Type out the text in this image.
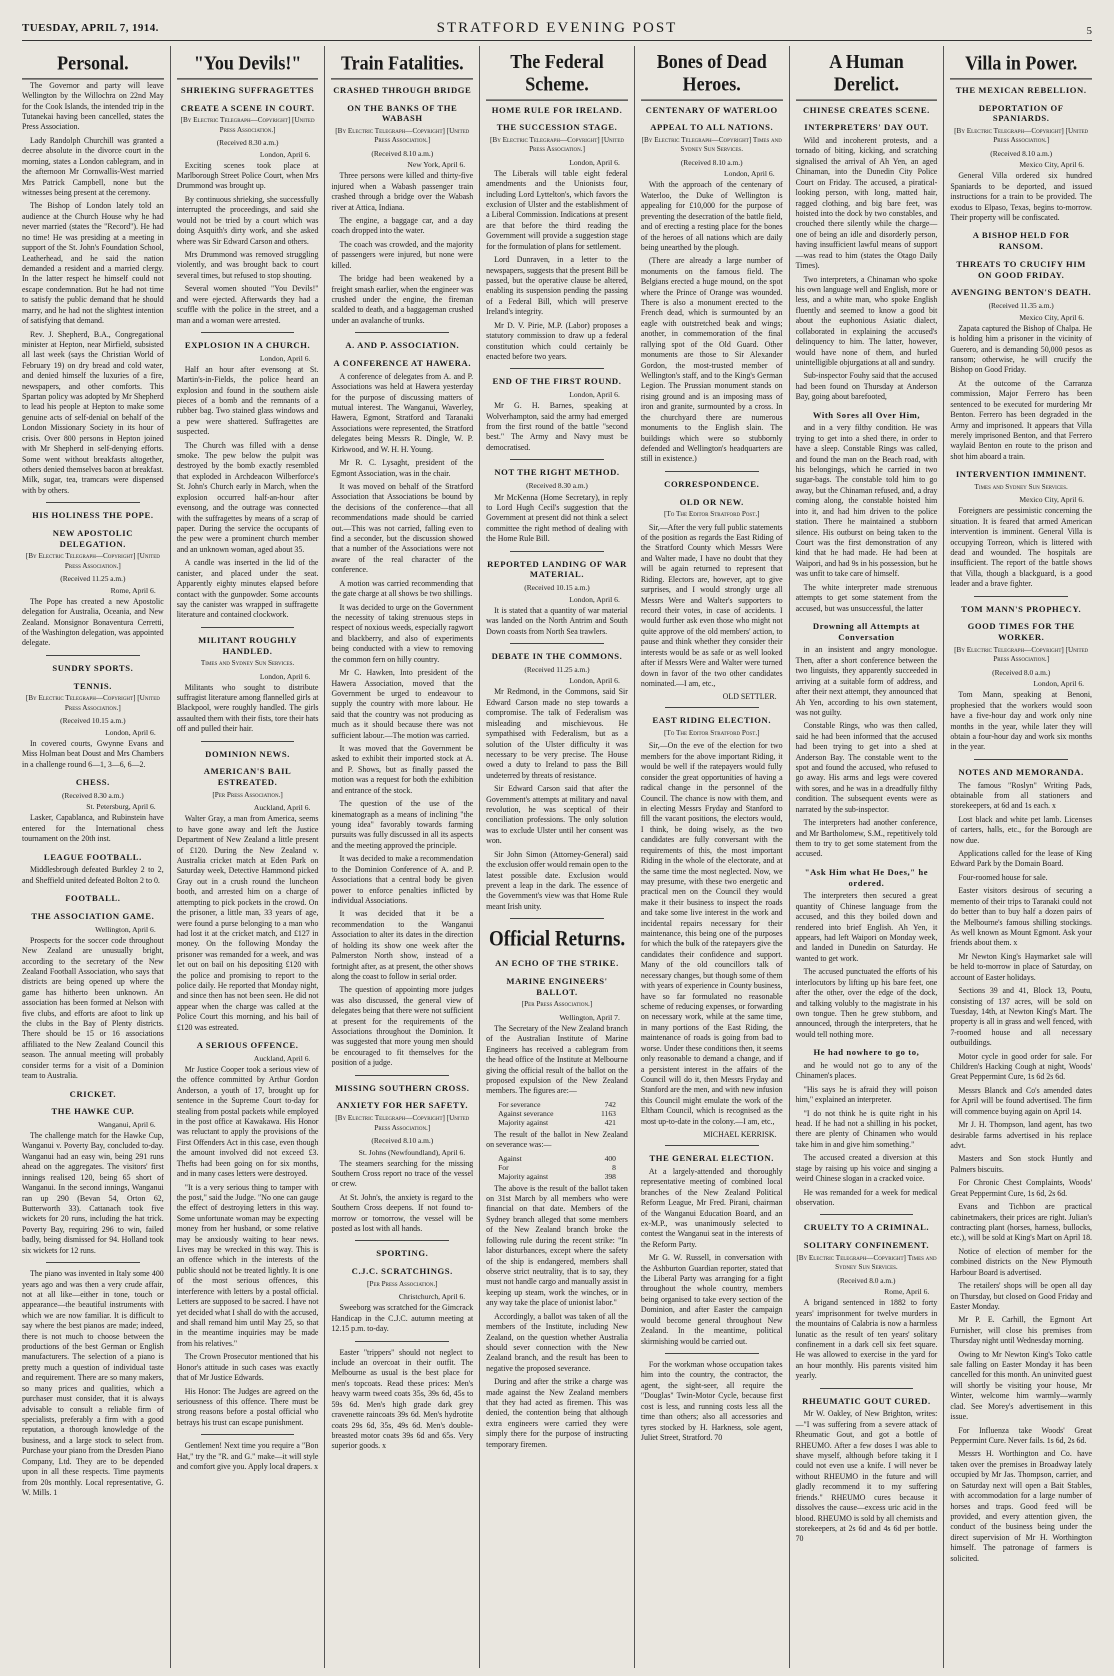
TUESDAY, APRIL 7, 1914.	STRATFORD EVENING POST	5
Personal.

The Governor and party will leave Wellington by the Willochra on 22nd May for the Cook Islands, the intended trip in the Tutanekai having been cancelled, states the Press Association.

Lady Randolph Churchill was granted a decree absolute in the divorce court in the morning, states a London cablegram, and in the afternoon Mr Cornwallis-West married Mrs Patrick Campbell, none but the witnesses being present at the ceremony.

The Bishop of London lately told an audience at the Church House why he had never married (states the "Record"). He had no time! He was presiding at a meeting in support of the St. John's Foundation School, Leatherhead, and he said the nation demanded a resident and a married clergy. In the latter respect he himself could not escape condemnation. But he had not time to satisfy the public demand that he should marry, and he had not the slightest intention of satisfying that demand.

Rev. J. Shepherd, B.A., Congregational minister at Hepton, near Mirfield, subsisted all last week (says the Christian World of February 19) on dry bread and cold water, and denied himself the luxuries of a fire, newspapers, and other comforts. This Spartan policy was adopted by Mr Shepherd to lead his people at Hepton to make some genuine acts of self-denial on behalf of the London Missionary Society in its hour of crisis. Over 800 persons in Hepton joined with Mr Shepherd in self-denying efforts. Some went without breakfasts altogether, others denied themselves bacon at breakfast. Milk, sugar, tea, tramcars were dispensed with by others.

HIS HOLINESS THE POPE.
NEW APOSTOLIC DELEGATION.
[By Electric Telegraph—Copyright] [United Press Association.]
(Received 11.25 a.m.)
Rome, April 6.

The Pope has created a new Apostolic delegation for Australia, Oceania, and New Zealand. Monsignor Bonaventura Cerretti, of the Washington delegation, was appointed delegate.

SUNDRY SPORTS.
TENNIS.
[By Electric Telegraph—Copyright] [United Press Association.]
(Received 10.15 a.m.)
London, April 6.

In covered courts, Gwynne Evans and Miss Holman beat Doust and Mrs Chambers in a challenge round 6—1, 3—6, 6—2.

CHESS.
(Received 8.30 a.m.)
St. Petersburg, April 6.

Lasker, Capablanca, and Rubinstein have entered for the International chess tournament on the 20th inst.

LEAGUE FOOTBALL.

Middlesbrough defeated Burkley 2 to 2, and Sheffield united defeated Bolton 2 to 0.

FOOTBALL.
THE ASSOCIATION GAME.
Wellington, April 6.

Prospects for the soccer code throughout New Zealand are unusually bright, according to the secretary of the New Zealand Football Association, who says that districts are being opened up where the game has hitherto been unknown. An association has been formed at Nelson with five clubs, and efforts are afoot to link up the clubs in the Bay of Plenty districts. There should be 15 or 16 associations affiliated to the New Zealand Council this season. The annual meeting will probably consider terms for a visit of a Dominion team to Australia.

CRICKET.
THE HAWKE CUP.
Wanganui, April 6.

The challenge match for the Hawke Cup, Wanganui v. Poverty Bay, concluded to-day. Wanganui had an easy win, being 291 runs ahead on the aggregates. The visitors' first innings realised 120, being 65 short of Wanganui. In the second innings, Wanganui ran up 290 (Bevan 54, Orton 62, Butterworth 33). Cattanach took five wickets for 20 runs, including the hat trick. Poverty Bay, requiring 296 to win, failed badly, being dismissed for 94. Holland took six wickets for 12 runs.

The piano was invented in Italy some 400 years ago and was then a very crude affair, not at all like—either in tone, touch or appearance—the beautiful instruments with which we are now familiar. It is difficult to say where the best pianos are made; indeed, there is not much to choose between the productions of the best German or English manufacturers. The selection of a piano is pretty much a question of individual taste and requirement. There are so many makers, so many prices and qualities, which a purchaser must consider, that it is always advisable to consult a reliable firm of specialists, preferably a firm with a good reputation, a thorough knowledge of the business, and a large stock to select from. Purchase your piano from the Dresden Piano Company, Ltd. They are to be depended upon in all these respects. Time payments from 20s monthly. Local representative, G. W. Mills. 1

"You Devils!"
SHRIEKING SUFFRAGETTES
CREATE A SCENE IN COURT.
[By Electric Telegraph—Copyright] [United Press Association.]
(Received 8.30 a.m.)
London, April 6.

Exciting scenes took place at Marlborough Street Police Court, when Mrs Drummond was brought up.

By continuous shrieking, she successfully interrupted the proceedings, and said she would not be tried by a court which was doing Asquith's dirty work, and she asked where was Sir Edward Carson and others.

Mrs Drummond was removed struggling violently, and was brought back to court several times, but refused to stop shouting.

Several women shouted "You Devils!" and were ejected. Afterwards they had a scuffle with the police in the street, and a man and a woman were arrested.

EXPLOSION IN A CHURCH.
London, April 6.

Half an hour after evensong at St. Martin's-in-Fields, the police heard an explosion and found in the southern aisle pieces of a bomb and the remnants of a rubber bag. Two stained glass windows and a pew were shattered. Suffragettes are suspected.

The Church was filled with a dense smoke. The pew below the pulpit was destroyed by the bomb exactly resembled that exploded in Archdeacon Wilberforce's St. John's Church early in March, when the explosion occurred half-an-hour after evensong, and the outrage was connected with the suffragettes by means of a scrap of paper. During the service the occupants of the pew were a prominent church member and an unknown woman, aged about 35.

A candle was inserted in the lid of the canister, and placed under the seat. Apparently eighty minutes elapsed before contact with the gunpowder. Some accounts say the canister was wrapped in suffragette literature and contained clockwork.

MILITANT ROUGHLY HANDLED.
Times and Sydney Sun Services.
London, April 6.

Militants who sought to distribute suffragist literature among flannelled girls at Blackpool, were roughly handled. The girls assaulted them with their fists, tore their hats off and pulled their hair.

DOMINION NEWS.
AMERICAN'S BAIL ESTREATED.
[Per Press Association.]
Auckland, April 6.

Walter Gray, a man from America, seems to have gone away and left the Justice Department of New Zealand a little present of £120. During the New Zealand v. Australia cricket match at Eden Park on Saturday week, Detective Hammond picked Gray out in a crush round the luncheon booth, and arrested him on a charge of attempting to pick pockets in the crowd. On the prisoner, a little man, 33 years of age, were found a purse belonging to a man who had lost it at the cricket match, and £127 in money. On the following Monday the prisoner was remanded for a week, and was let out on bail on his depositing £120 with the police and promising to report to the police daily. He reported that Monday night, and since then has not been seen. He did not appear when the charge was called at the Police Court this morning, and his bail of £120 was estreated.

A SERIOUS OFFENCE.
Auckland, April 6.

Mr Justice Cooper took a serious view of the offence committed by Arthur Gordon Anderson, a youth of 17, brought up for sentence in the Supreme Court to-day for stealing from postal packets while employed in the post office at Kawakawa. His Honor was reluctant to apply the provisions of the First Offenders Act in this case, even though the amount involved did not exceed £3. Thefts had been going on for six months, and in many cases letters were destroyed.

"It is a very serious thing to tamper with the post," said the Judge. "No one can gauge the effect of destroying letters in this way. Some unfortunate woman may be expecting money from her husband, or some relative may be anxiously waiting to hear news. Lives may be wrecked in this way. This is an offence which in the interests of the public should not be treated lightly. It is one of the most serious offences, this interference with letters by a postal official. Letters are supposed to be sacred. I have not yet decided what I shall do with the accused, and shall remand him until May 25, so that in the meantime inquiries may be made from his relatives."

The Crown Prosecutor mentioned that his Honor's attitude in such cases was exactly that of Mr Justice Edwards.

His Honor: The Judges are agreed on the seriousness of this offence. There must be strong reasons before a postal official who betrays his trust can escape punishment.

Gentlemen! Next time you require a "Bon Hat," try the "R. and G." make—it will style and comfort give you. Apply local drapers. x

Train Fatalities.
CRASHED THROUGH BRIDGE
ON THE BANKS OF THE WABASH
[By Electric Telegraph—Copyright] [United Press Association.]
(Received 8.10 a.m.)
New York, April 6.

Three persons were killed and thirty-five injured when a Wabash passenger train crashed through a bridge over the Wabash river at Attica, Indiana.

The engine, a baggage car, and a day coach dropped into the water.

The coach was crowded, and the majority of passengers were injured, but none were killed.

The bridge had been weakened by a freight smash earlier, when the engineer was crushed under the engine, the fireman scalded to death, and a baggageman crushed under an avalanche of trunks.

A. AND P. ASSOCIATION.
A CONFERENCE AT HAWERA.

A conference of delegates from A. and P. Associations was held at Hawera yesterday for the purpose of discussing matters of mutual interest. The Wanganui, Waverley, Hawera, Egmont, Stratford and Taranaki Associations were represented, the Stratford delegates being Messrs R. Dingle, W. P. Kirkwood, and W. H. H. Young.

Mr R. C. Lysaght, president of the Egmont Association, was in the chair.

It was moved on behalf of the Stratford Association that Associations be bound by the decisions of the conference—that all recommendations made should be carried out.—This was not carried, falling even to find a seconder, but the discussion showed that a number of the Associations were not aware of the real character of the conference.

A motion was carried recommending that the gate charge at all shows be two shillings.

It was decided to urge on the Government the necessity of taking strenuous steps in respect of noxious weeds, especially ragwort and blackberry, and also of experiments being conducted with a view to removing the common fern on hilly country.

Mr C. Hawken, Into president of the Hawera Association, moved that the Government be urged to endeavour to supply the country with more labour. He said that the country was not producing as much as it should because there was not sufficient labour.—The motion was carried.

It was moved that the Government be asked to exhibit their imported stock at A. and P. Shows, but as finally passed the motion was a request for both the exhibition and entrance of the stock.

The question of the use of the kinematograph as a means of inclining "the young idea" favorably towards farming pursuits was fully discussed in all its aspects and the meeting approved the principle.

It was decided to make a recommendation to the Dominion Conference of A. and P. Associations that a central body be given power to enforce penalties inflicted by individual Associations.

It was decided that it be a recommendation to the Wanganui Association to alter its dates in the direction of holding its show one week after the Palmerston North show, instead of a fortnight after, as at present, the other shows along the coast to follow in serial order.

The question of appointing more judges was also discussed, the general view of delegates being that there were not sufficient at present for the requirements of the Associations throughout the Dominion. It was suggested that more young men should be encouraged to fit themselves for the position of a judge.

MISSING SOUTHERN CROSS.
ANXIETY FOR HER SAFETY.
[By Electric Telegraph—Copyright] [United Press Association.]
(Received 8.10 a.m.)
St. Johns (Newfoundland), April 6.

The steamers searching for the missing Southern Cross report no trace of the vessel or crew.

At St. John's, the anxiety is regard to the Southern Cross deepens. If not found to-morrow or tomorrow, the vessel will be posted as lost with all hands.

SPORTING.
C.J.C. SCRATCHINGS.
[Per Press Association.]
Christchurch, April 6.

Sweeborg was scratched for the Gimcrack Handicap in the C.J.C. autumn meeting at 12.15 p.m. to-day.

Easter "trippers" should not neglect to include an overcoat in their outfit. The Melbourne as usual is the best place for men's topcoats. Read these prices: Men's heavy warm tweed coats 35s, 39s 6d, 45s to 59s 6d. Men's high grade dark grey cravenette raincoats 39s 6d. Men's hydrotite coats 29s 6d, 35s, 49s 6d. Men's double-breasted motor coats 39s 6d and 65s. Very superior goods. x

The Federal Scheme.
HOME RULE FOR IRELAND.
THE SUCCESSION STAGE.
[By Electric Telegraph—Copyright] [United Press Association.]
London, April 6.

The Liberals will table eight federal amendments and the Unionists four, including Lord Lyttelton's, which favors the exclusion of Ulster and the establishment of a Liberal Commission. Indications at present are that before the third reading the Government will provide a suggestion stage for the formulation of plans for settlement.

Lord Dunraven, in a letter to the newspapers, suggests that the present Bill be passed, but the operative clause be altered, enabling its suspension pending the passing of a Federal Bill, which will preserve Ireland's integrity.

Mr D. V. Pirie, M.P. (Labor) proposes a statutory commission to draw up a federal constitution which could certainly be enacted before two years.

END OF THE FIRST ROUND.
London, April 6.

Mr G. H. Barnes, speaking at Wolverhampton, said the army had emerged from the first round of the battle "second best." The Army and Navy must be democratised.

NOT THE RIGHT METHOD.
(Received 8.30 a.m.)

Mr McKenna (Home Secretary), in reply to Lord Hugh Cecil's suggestion that the Government at present did not think a select committee the right method of dealing with the Home Rule Bill.

REPORTED LANDING OF WAR MATERIAL.
(Received 10.15 a.m.)
London, April 6.

It is stated that a quantity of war material was landed on the North Antrim and South Down coasts from North Sea trawlers.

DEBATE IN THE COMMONS.
(Received 11.25 a.m.)
London, April 6.

Mr Redmond, in the Commons, said Sir Edward Carson made no step towards a compromise. The talk of Federalism was misleading and mischievous. He sympathised with Federalism, but as a solution of the Ulster difficulty it was necessary to be very precise. The House owed a duty to Ireland to pass the Bill undeterred by threats of resistance.

Sir Edward Carson said that after the Government's attempts at military and naval revolution, he was sceptical of their conciliation professions. The only solution was to exclude Ulster until her consent was won.

Sir John Simon (Attorney-General) said the exclusion offer would remain open to the latest possible date. Exclusion would prevent a leap in the dark. The essence of the Government's view was that Home Rule meant Irish unity.

Official Returns.
AN ECHO OF THE STRIKE.
MARINE ENGINEERS' BALLOT.
[Per Press Association.]
Wellington, April 7.

The Secretary of the New Zealand branch of the Australian Institute of Marine Engineers has received a cablegram from the head office of the Institute at Melbourne giving the official result of the ballot on the proposed expulsion of the New Zealand members. The figures are:—

For severance	742
Against severance	1163
Majority against	421

The result of the ballot in New Zealand on severance was:—

Against	400
For	8
Majority against	398

The above is the result of the ballot taken on 31st March by all members who were financial on that date. Members of the Sydney branch alleged that some members of the New Zealand branch broke the following rule during the recent strike: "In labor disturbances, except where the safety of the ship is endangered, members shall observe strict neutrality, that is to say, they must not handle cargo and manually assist in keeping up steam, work the winches, or in any way take the place of unionist labor."

Accordingly, a ballot was taken of all the members of the Institute, including New Zealand, on the question whether Australia should sever connection with the New Zealand branch, and the result has been to negative the proposed severance.

During and after the strike a charge was made against the New Zealand members that they had acted as firemen. This was denied, the contention being that although extra engineers were carried they were simply there for the purpose of instructing temporary firemen.

Bones of Dead Heroes.
CENTENARY OF WATERLOO
APPEAL TO ALL NATIONS.
[By Electric Telegraph—Copyright] Times and Sydney Sun Services.
(Received 8.10 a.m.)
London, April 6.

With the approach of the centenary of Waterloo, the Duke of Wellington is appealing for £10,000 for the purpose of preventing the desecration of the battle field, and of erecting a resting place for the bones of the heroes of all nations which are daily being unearthed by the plough.

(There are already a large number of monuments on the famous field. The Belgians erected a huge mound, on the spot where the Prince of Orange was wounded. There is also a monument erected to the French dead, which is surmounted by an eagle with outstretched beak and wings; another, in commemoration of the final rallying spot of the Old Guard. Other monuments are those to Sir Alexander Gordon, the most-trusted member of Wellington's staff, and to the King's German Legion. The Prussian monument stands on rising ground and is an imposing mass of iron and granite, surmounted by a cross. In the churchyard there are numerous monuments to the English slain. The buildings which were so stubbornly defended and Wellington's headquarters are still in existence.)

CORRESPONDENCE.
OLD OR NEW.
[To The Editor Stratford Post.]

Sir,—After the very full public statements of the position as regards the East Riding of the Stratford County which Messrs Were and Walter made, I have no doubt that they will be again returned to represent that Riding. Electors are, however, apt to give surprises, and I would strongly urge all Messrs Were and Walter's supporters to record their votes, in case of accidents. I would further ask even those who might not quite approve of the old members' action, to pause and think whether they consider their interests would be as safe or as well looked after if Messrs Were and Walter were turned down in favor of the two other candidates nominated.—I am, etc.,

OLD SETTLER.
EAST RIDING ELECTION.
[To The Editor Stratford Post.]

Sir,—On the eve of the election for two members for the above important Riding, it would be well if the ratepayers would fully consider the great opportunities of having a radical change in the personnel of the Council. The chance is now with them, and in electing Messrs Fryday and Stanford to fill the vacant positions, the electors would, I think, be doing wisely, as the two candidates are fully conversant with the requirements of this, the most important Riding in the whole of the electorate, and at the same time the most neglected. Now, we may presume, with these two energetic and practical men on the Council they would make it their business to inspect the roads and take some live interest in the work and incidental repairs necessary for their maintenance, this being one of the purposes for which the bulk of the ratepayers give the candidates their confidence and support. Many of the old councillors talk of necessary changes, but though some of them with years of experience in County business, have so far formulated no reasonable scheme of reducing expenses, or forwarding on necessary work, while at the same time, in many portions of the East Riding, the maintenance of roads is going from bad to worse. Under these conditions then, it seems only reasonable to demand a change, and if a persistent interest in the affairs of the Council will do it, then Messrs Fryday and Stanford are the men, and with new infusion this Council might emulate the work of the Eltham Council, which is recognised as the most up-to-date in the colony.—I am, etc.,

MICHAEL KERRISK.
THE GENERAL ELECTION.

At a largely-attended and thoroughly representative meeting of combined local branches of the New Zealand Political Reform League, Mr Fred. Pirani, chairman of the Wanganui Education Board, and an ex-M.P., was unanimously selected to contest the Wanganui seat in the interests of the Reform Party.

Mr G. W. Russell, in conversation with the Ashburton Guardian reporter, stated that the Liberal Party was arranging for a fight throughout the whole country, members being organised to take every section of the Dominion, and after Easter the campaign would become general throughout New Zealand. In the meantime, political skirmishing would be carried out.

For the workman whose occupation takes him into the country, the contractor, the agent, the sight-seer, all require the "Douglas" Twin-Motor Cycle, because first cost is less, and running costs less all the time than others; also all accessories and tyres stocked by H. Harkness, sole agent, Juliet Street, Stratford. 70

A Human Derelict.
CHINESE CREATES SCENE.
INTERPRETERS' DAY OUT.

Wild and incoherent protests, and a tornado of biting, kicking, and scratching signalised the arrival of Ah Yen, an aged Chinaman, into the Dunedin City Police Court on Friday. The accused, a piratical-looking person, with long, matted hair, ragged clothing, and big bare feet, was hoisted into the dock by two constables, and crouched there silently while the charge—one of being an idle and disorderly person, having insufficient lawful means of support—was read to him (states the Otago Daily Times).

Two interpreters, a Chinaman who spoke his own language well and English, more or less, and a white man, who spoke English fluently and seemed to know a good bit about the euphonious Asiatic dialect, collaborated in explaining the accused's delinquency to him. The latter, however, would have none of them, and hurled unintelligible objurgations at all and sundry.

Sub-inspector Fouhy said that the accused had been found on Thursday at Anderson Bay, going about barefooted,

With Sores all Over Him,

and in a very filthy condition. He was trying to get into a shed there, in order to have a sleep. Constable Rings was called, and found the man on the Beach road, with his belongings, which he carried in two sugar-bags. The constable told him to go away, but the Chinaman refused, and, a dray coming along, the constable hoisted him into it, and had him driven to the police station. There he maintained a stubborn silence. His outburst on being taken to the Court was the first demonstration of any kind that he had made. He had been at Waipori, and had 9s in his possession, but he was unfit to take care of himself.

The white interpreter made strenuous attempts to get some statement from the accused, but was unsuccessful, the latter

Drowning all Attempts at Conversation

in an insistent and angry monologue. Then, after a short conference between the two linguists, they apparently succeeded in arriving at a suitable form of address, and after their next attempt, they announced that Ah Yen, according to his own statement, was not guilty.

Constable Rings, who was then called, said he had been informed that the accused had been trying to get into a shed at Anderson Bay. The constable went to the spot and found the accused, who refused to go away. His arms and legs were covered with sores, and he was in a dreadfully filthy condition. The subsequent events were as narrated by the sub-inspector.

The interpreters had another conference, and Mr Bartholomew, S.M., repetitively told them to try to get some statement from the accused.

"Ask Him what He Does," he ordered.

The interpreters then secured a great quantity of Chinese language from the accused, and this they boiled down and rendered into brief English. Ah Yen, it appears, had left Waipori on Monday week, and landed in Dunedin on Saturday. He wanted to get work.

The accused punctuated the efforts of his interlocutors by lifting up his bare feet, one after the other, over the edge of the dock, and talking volubly to the magistrate in his own tongue. Then he grew stubborn, and announced, through the interpreters, that he would tell nothing more.

He had nowhere to go to,

and he would not go to any of the Chinamen's places.

"His says he is afraid they will poison him," explained an interpreter.

"I do not think he is quite right in his head. If he had not a shilling in his pocket, there are plenty of Chinamen who would take him in and give him something."

The accused created a diversion at this stage by raising up his voice and singing a weird Chinese slogan in a cracked voice.

He was remanded for a week for medical observation.

CRUELTY TO A CRIMINAL.
SOLITARY CONFINEMENT.
[By Electric Telegraph—Copyright] Times and Sydney Sun Services.
(Received 8.0 a.m.)
Rome, April 6.

A brigand sentenced in 1882 to forty years' imprisonment for twelve murders in the mountains of Calabria is now a harmless lunatic as the result of ten years' solitary confinement in a dark cell six feet square. He was allowed to exercise in the yard for an hour monthly. His parents visited him yearly.

RHEUMATIC GOUT CURED.

Mr W. Oakley, of New Brighton, writes:—"I was suffering from a severe attack of Rheumatic Gout, and got a bottle of RHEUMO. After a few doses I was able to shave myself, although before taking it I could not even use a knife. I will never be without RHEUMO in the future and will gladly recommend it to my suffering friends." RHEUMO cures because it dissolves the cause—excess uric acid in the blood. RHEUMO is sold by all chemists and storekeepers, at 2s 6d and 4s 6d per bottle. 70

Villa in Power.
THE MEXICAN REBELLION.
DEPORTATION OF SPANIARDS.
[By Electric Telegraph—Copyright] [United Press Association.]
(Received 8.10 a.m.)
Mexico City, April 6.

General Villa ordered six hundred Spaniards to be deported, and issued instructions for a train to be provided. The exodus to Elpaso, Texas, begins to-morrow. Their property will be confiscated.

A BISHOP HELD FOR RANSOM.
THREATS TO CRUCIFY HIM ON GOOD FRIDAY.
AVENGING BENTON'S DEATH.
(Received 11.35 a.m.)
Mexico City, April 6.

Zapata captured the Bishop of Chalpa. He is holding him a prisoner in the vicinity of Guerero, and is demanding 50,000 pesos as ransom; otherwise, he will crucify the Bishop on Good Friday.

At the outcome of the Carranza commission, Major Ferrero has been sentenced to be executed for murdering Mr Benton. Ferrero has been degraded in the Army and imprisoned. It appears that Villa merely imprisoned Benton, and that Ferrero waylaid Benton en route to the prison and shot him aboard a train.

INTERVENTION IMMINENT.
Times and Sydney Sun Services.
Mexico City, April 6.

Foreigners are pessimistic concerning the situation. It is feared that armed American intervention is imminent. General Villa is occupying Torreon, which is littered with dead and wounded. The hospitals are insufficient. The report of the battle shows that Villa, though a blackguard, is a good leader and a brave fighter.

TOM MANN'S PROPHECY.
GOOD TIMES FOR THE WORKER.
[By Electric Telegraph—Copyright] [United Press Association.]
(Received 8.0 a.m.)
London, April 6.

Tom Mann, speaking at Benoni, prophesied that the workers would soon have a five-hour day and work only nine months in the year, while later they will obtain a four-hour day and work six months in the year.

NOTES AND MEMORANDA.

The famous "Roslyn" Writing Pads, obtainable from all stationers and storekeepers, at 6d and 1s each. x

Lost black and white pet lamb. Licenses of carters, halls, etc., for the Borough are now due.

Applications called for the lease of King Edward Park by the Domain Board.

Four-roomed house for sale.

Easter visitors desirous of securing a memento of their trips to Taranaki could not do better than to buy half a dozen pairs of the Melbourne's famous shilling stockings. As well known as Mount Egmont. Ask your friends about them. x

Mr Newton King's Haymarket sale will be held to-morrow in place of Saturday, on account of Easter holidays.

Sections 39 and 41, Block 13, Poutu, consisting of 137 acres, will be sold on Tuesday, 14th, at Newton King's Mart. The property is all in grass and well fenced, with 7-roomed house and all necessary outbuildings.

Motor cycle in good order for sale. For Children's Hacking Cough at night, Woods' Great Peppermint Cure, 1s 6d 2s 6d.

Messrs Blanck and Co's amended dates for April will be found advertised. The firm will commence buying again on April 14.

Mr J. H. Thompson, land agent, has two desirable farms advertised in his replace advt.

Masters and Son stock Huntly and Palmers biscuits.

For Chronic Chest Complaints, Woods' Great Peppermint Cure, 1s 6d, 2s 6d.

Evans and Tichbon are practical cabinetmakers, their prices are right. Julian's contracting plant (horses, harness, bullocks, etc.), will be sold at King's Mart on April 18.

Notice of election of member for the combined districts on the New Plymouth Harbour Board is advertised.

The retailers' shops will be open all day on Thursday, but closed on Good Friday and Easter Monday.

Mr P. E. Carhill, the Egmont Art Furnisher, will close his premises from Thursday night until Wednesday morning.

Owing to Mr Newton King's Toko cattle sale falling on Easter Monday it has been cancelled for this month. An uninvited guest will shortly be visiting your house, Mr Winter, welcome him warmly—warmly clad. See Morey's advertisement in this issue.

For Influenza take Woods' Great Peppermint Cure. Never fails. 1s 6d, 2s 6d.

Messrs H. Worthington and Co. have taken over the premises in Broadway lately occupied by Mr Jas. Thompson, carrier, and on Saturday next will open a Bait Stables, with accommodation for a large number of horses and traps. Good feed will be provided, and every attention given, the conduct of the business being under the direct supervision of Mr H. Worthington himself. The patronage of farmers is solicited.
